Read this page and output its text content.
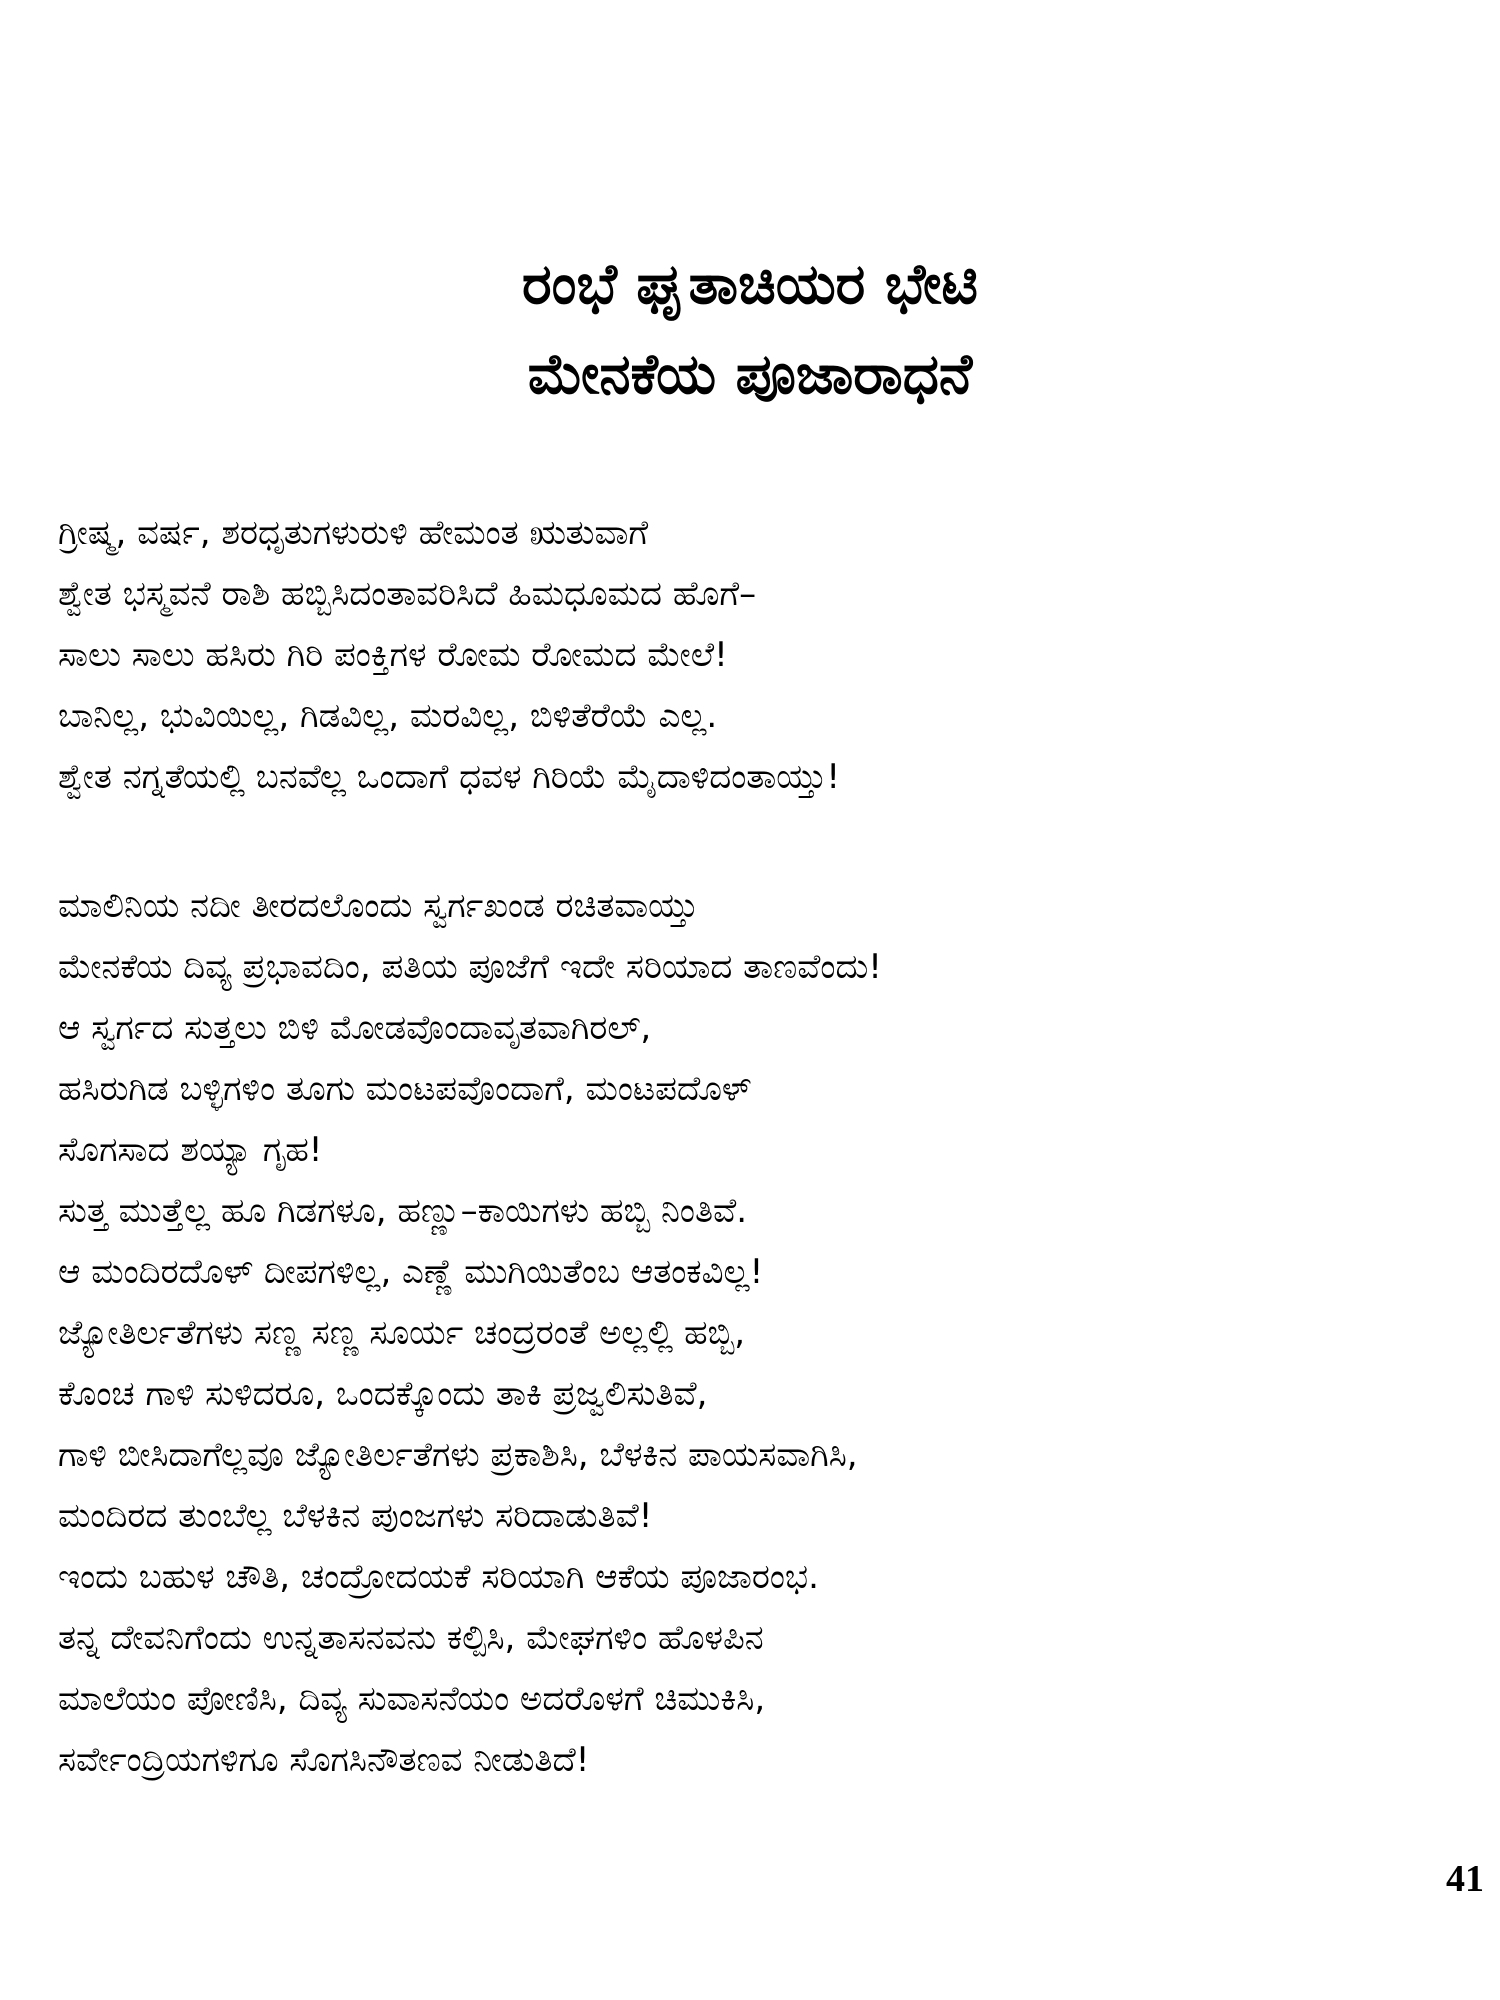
ರಂಭೆ ಘೃತಾಚಿಯರ ಭೇಟಿ
ಮೇನಕೆಯ ಪೂಜಾರಾಧನೆ
ಗ್ರೀಷ್ಮ, ವರ್ಷ, ಶರಧೃತುಗಳುರುಳಿ ಹೇಮಂತ ಋತುವಾಗೆ
ಶ್ವೇತ ಭಸ್ಮವನೆ ರಾಶಿ ಹಬ್ಬಿಸಿದಂತಾವರಿಸಿದೆ ಹಿಮಧೂಮದ ಹೊಗೆ–
ಸಾಲು ಸಾಲು ಹಸಿರು ಗಿರಿ ಪಂಕ್ತಿಗಳ ರೋಮ ರೋಮದ ಮೇಲೆ!
ಬಾನಿಲ್ಲ, ಭುವಿಯಿಲ್ಲ, ಗಿಡವಿಲ್ಲ, ಮರವಿಲ್ಲ, ಬಿಳಿತೆರೆಯೆ ಎಲ್ಲ.
ಶ್ವೇತ ನಗ್ನತೆಯಲ್ಲಿ ಬನವೆಲ್ಲ ಒಂದಾಗೆ ಧವಳ ಗಿರಿಯೆ ಮೈದಾಳಿದಂತಾಯ್ತು!
ಮಾಲಿನಿಯ ನದೀ ತೀರದಲೊಂದು ಸ್ವರ್ಗಖಂಡ ರಚಿತವಾಯ್ತು
ಮೇನಕೆಯ ದಿವ್ಯ ಪ್ರಭಾವದಿಂ, ಪತಿಯ ಪೂಜೆಗೆ ಇದೇ ಸರಿಯಾದ ತಾಣವೆಂದು!
ಆ ಸ್ವರ್ಗದ ಸುತ್ತಲು ಬಿಳಿ ಮೋಡವೊಂದಾವೃತವಾಗಿರಲ್,
ಹಸಿರುಗಿಡ ಬಳ್ಳಿಗಳಿಂ ತೂಗು ಮಂಟಪವೊಂದಾಗೆ, ಮಂಟಪದೊಳ್
ಸೊಗಸಾದ ಶಯ್ಯಾ ಗೃಹ!
ಸುತ್ತ ಮುತ್ತೆಲ್ಲ ಹೂ ಗಿಡಗಳೂ, ಹಣ್ಣು–ಕಾಯಿಗಳು ಹಬ್ಬಿ ನಿಂತಿವೆ.
ಆ ಮಂದಿರದೊಳ್ ದೀಪಗಳಿಲ್ಲ, ಎಣ್ಣೆ ಮುಗಿಯಿತೆಂಬ ಆತಂಕವಿಲ್ಲ!
ಜ್ಯೋತಿರ್ಲತೆಗಳು ಸಣ್ಣ ಸಣ್ಣ ಸೂರ್ಯ ಚಂದ್ರರಂತೆ ಅಲ್ಲಲ್ಲಿ ಹಬ್ಬಿ,
ಕೊಂಚ ಗಾಳಿ ಸುಳಿದರೂ, ಒಂದಕ್ಕೊಂದು ತಾಕಿ ಪ್ರಜ್ವಲಿಸುತಿವೆ,
ಗಾಳಿ ಬೀಸಿದಾಗೆಲ್ಲವೂ ಜ್ಯೋತಿರ್ಲತೆಗಳು ಪ್ರಕಾಶಿಸಿ, ಬೆಳಕಿನ ಪಾಯಸವಾಗಿಸಿ,
ಮಂದಿರದ ತುಂಬೆಲ್ಲ ಬೆಳಕಿನ ಪುಂಜಗಳು ಸರಿದಾಡುತಿವೆ!
ಇಂದು ಬಹುಳ ಚೌತಿ, ಚಂದ್ರೋದಯಕೆ ಸರಿಯಾಗಿ ಆಕೆಯ ಪೂಜಾರಂಭ.
ತನ್ನ ದೇವನಿಗೆಂದು ಉನ್ನತಾಸನವನು ಕಲ್ಪಿಸಿ, ಮೇಘಗಳಿಂ ಹೊಳಪಿನ
ಮಾಲೆಯಂ ಪೋಣಿಸಿ, ದಿವ್ಯ ಸುವಾಸನೆಯಂ ಅದರೊಳಗೆ ಚಿಮುಕಿಸಿ,
ಸರ್ವೇಂದ್ರಿಯಗಳಿಗೂ ಸೊಗಸಿನೌತಣವ ನೀಡುತಿದೆ!
41
